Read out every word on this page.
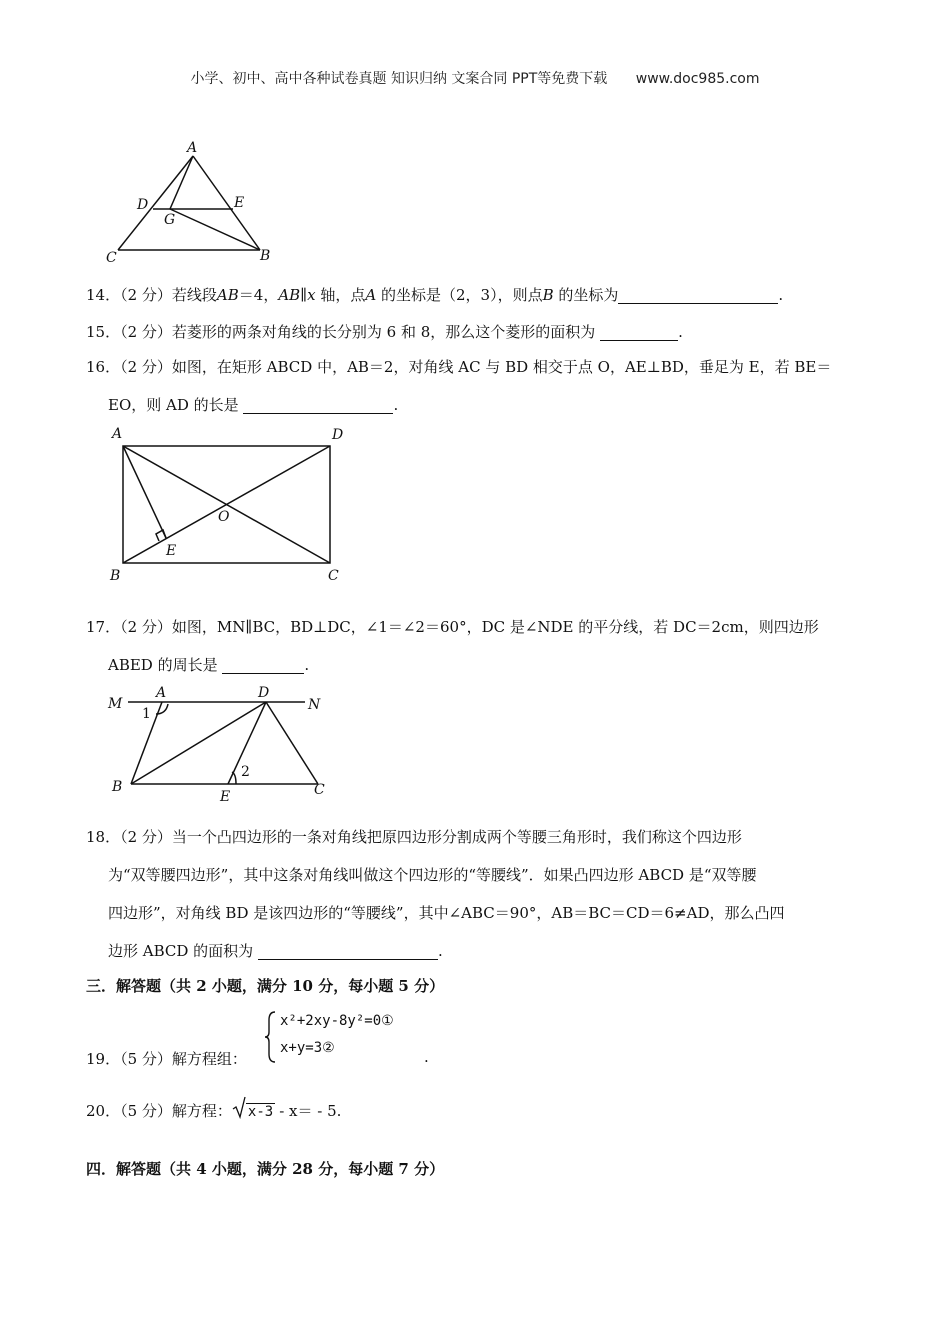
小学、初中、高中各种试卷真题 知识归纳 文案合同 PPT等免费下载 www.doc985.com
A
D	E
G
C	B
14．（2 分）若线段AB＝4，AB∥x 轴，点A 的坐标是（2，3），则点B 的坐标为	.
15．（2 分）若菱形的两条对角线的长分别为 6 和 8，那么这个菱形的面积为	.
16．（2 分）如图，在矩形 ABCD 中，AB＝2，对角线 AC 与 BD 相交于点 O，AE⊥BD，垂足为 E，若 BE＝
EO，则 AD 的长是	.
A	D
O
E
B	C
17．（2 分）如图，MN∥BC，BD⊥DC，∠1＝∠2＝60°，DC 是∠NDE 的平分线，若 DC＝2cm，则四边形
ABED 的周长是	.
M
A	D
N
1
2
B
E	C
18．（2 分）当一个凸四边形的一条对角线把原四边形分割成两个等腰三角形时，我们称这个四边形
为“双等腰四边形”，其中这条对角线叫做这个四边形的“等腰线”．如果凸四边形 ABCD 是“双等腰
四边形”，对角线 BD 是该四边形的“等腰线”，其中∠ABC＝90°，AB＝BC＝CD＝6≠AD，那么凸四
边形 ABCD 的面积为	.
三．解答题（共 2 小题，满分 10 分，每小题 5 分）
19．（5 分）解方程组：
x²+2xy-8y²=0①
x+y=3②	.
20．（5 分）解方程： x-3 - x＝ - 5.
四．解答题（共 4 小题，满分 28 分，每小题 7 分）
